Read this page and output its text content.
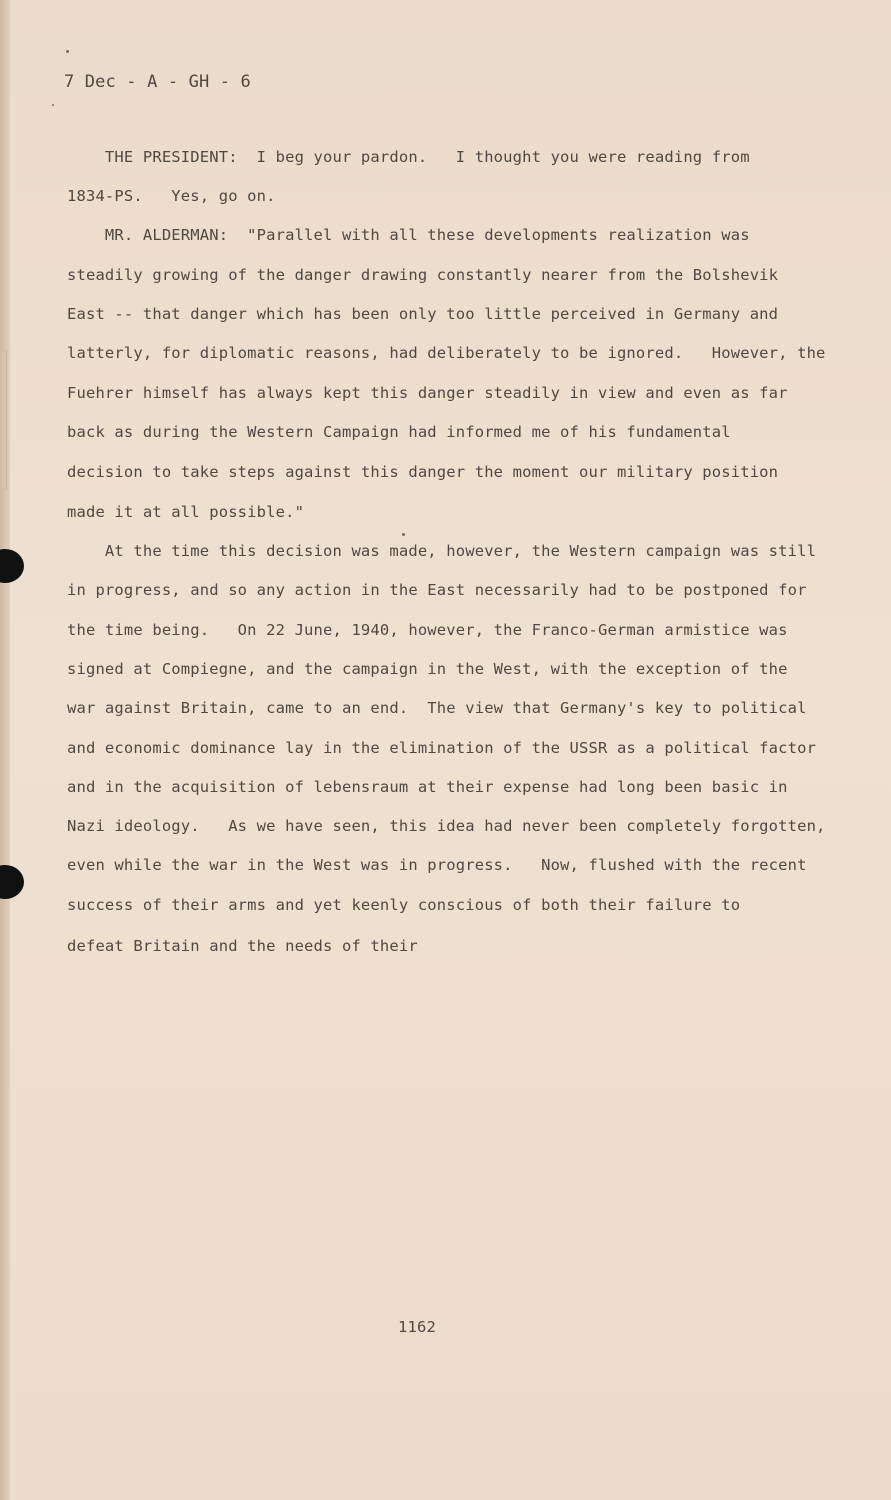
7 Dec - A - GH - 6
THE PRESIDENT:  I beg your pardon.   I thought you were reading from
1834-PS.   Yes, go on.
MR. ALDERMAN:  "Parallel with all these developments realization was
steadily growing of the danger drawing constantly nearer from the Bolshevik
East -- that danger which has been only too little perceived in Germany and
latterly, for diplomatic reasons, had deliberately to be ignored.   However, the
Fuehrer himself has always kept this danger steadily in view and even as far
back as during the Western Campaign had informed me of his fundamental
decision to take steps against this danger the moment our military position
made it at all possible."
At the time this decision was made, however, the Western campaign was still
in progress, and so any action in the East necessarily had to be postponed for
the time being.   On 22 June, 1940, however, the Franco-German armistice was
signed at Compiegne, and the campaign in the West, with the exception of the
war against Britain, came to an end.  The view that Germany's key to political
and economic dominance lay in the elimination of the USSR as a political factor
and in the acquisition of lebensraum at their expense had long been basic in
Nazi ideology.   As we have seen, this idea had never been completely forgotten,
even while the war in the West was in progress.   Now, flushed with the recent
success of their arms and yet keenly conscious of both their failure to
defeat Britain and the needs of their
1162
